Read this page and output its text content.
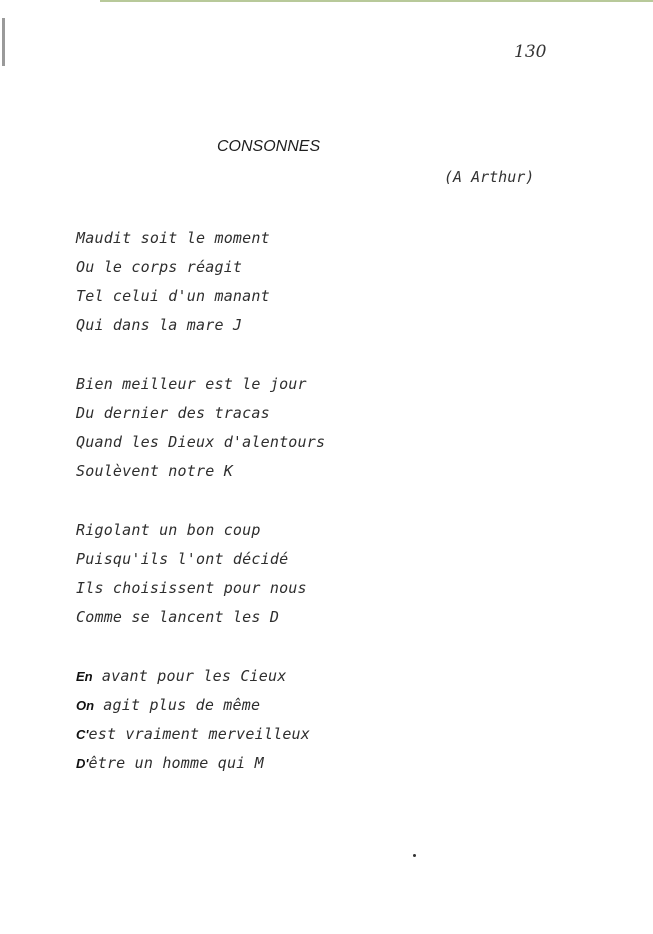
130
CONSONNES
(A Arthur)
Maudit soit le moment
Ou le corps réagit
Tel celui d'un manant
Qui dans la mare J
Bien meilleur est le jour
Du dernier des tracas
Quand les Dieux d'alentours
Soulèvent notre K
Rigolant un bon coup
Puisqu'ils l'ont décidé
Ils choisissent pour nous
Comme se lancent les D
En avant pour les Cieux
On agit plus de même
C'est vraiment merveilleux
D'être un homme qui M
